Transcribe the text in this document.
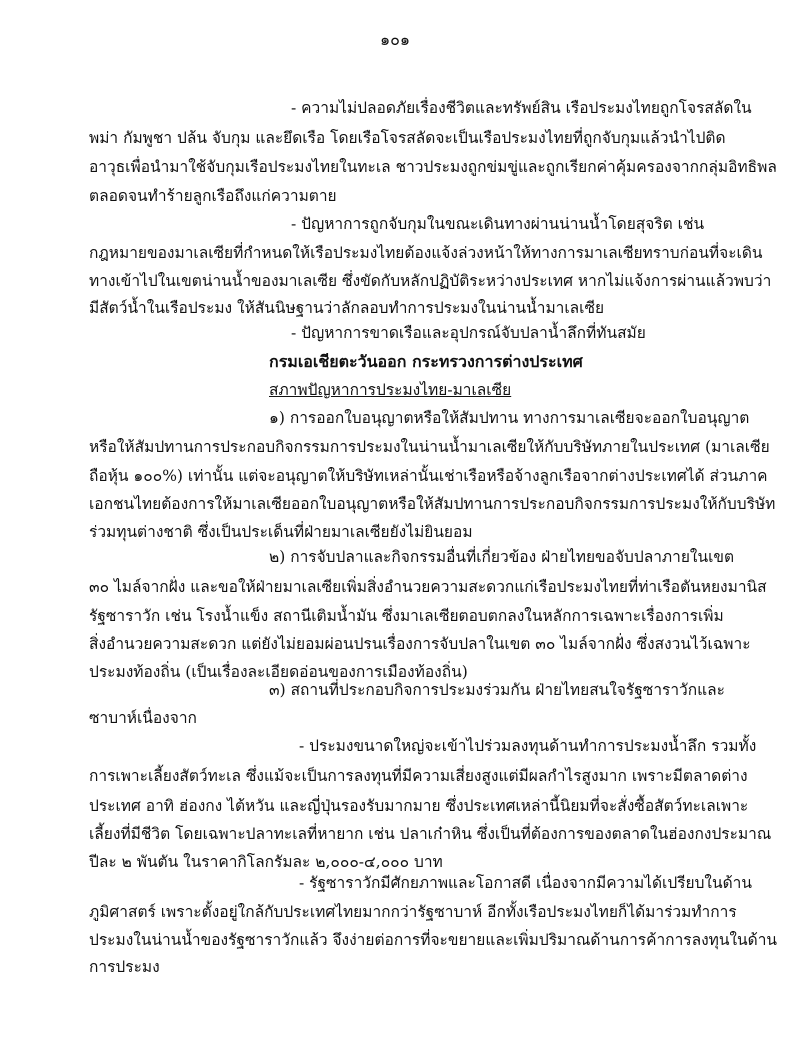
๑๐๑
- ความไม่ปลอดภัยเรื่องชีวิตและทรัพย์สิน เรือประมงไทยถูกโจรสลัดใน
พม่า กัมพูชา ปล้น จับกุม และยึดเรือ โดยเรือโจรสลัดจะเป็นเรือประมงไทยที่ถูกจับกุมแล้วนำไปติด
อาวุธเพื่อนำมาใช้จับกุมเรือประมงไทยในทะเล ชาวประมงถูกข่มขู่และถูกเรียกค่าคุ้มครองจากกลุ่มอิทธิพล
ตลอดจนทำร้ายลูกเรือถึงแก่ความตาย
- ปัญหาการถูกจับกุมในขณะเดินทางผ่านน่านน้ำโดยสุจริต เช่น
กฎหมายของมาเลเซียที่กำหนดให้เรือประมงไทยต้องแจ้งล่วงหน้าให้ทางการมาเลเซียทราบก่อนที่จะเดิน
ทางเข้าไปในเขตน่านน้ำของมาเลเซีย ซึ่งขัดกับหลักปฏิบัติระหว่างประเทศ หากไม่แจ้งการผ่านแล้วพบว่า
มีสัตว์น้ำในเรือประมง ให้สันนิษฐานว่าลักลอบทำการประมงในน่านน้ำมาเลเซีย
- ปัญหาการขาดเรือและอุปกรณ์จับปลาน้ำลึกที่ทันสมัย
กรมเอเชียตะวันออก กระทรวงการต่างประเทศ
สภาพปัญหาการประมงไทย-มาเลเซีย
๑) การออกใบอนุญาตหรือให้สัมปทาน ทางการมาเลเซียจะออกใบอนุญาต
หรือให้สัมปทานการประกอบกิจกรรมการประมงในน่านน้ำมาเลเซียให้กับบริษัทภายในประเทศ (มาเลเซีย
ถือหุ้น ๑๐๐%) เท่านั้น แต่จะอนุญาตให้บริษัทเหล่านั้นเช่าเรือหรือจ้างลูกเรือจากต่างประเทศได้ ส่วนภาค
เอกชนไทยต้องการให้มาเลเซียออกใบอนุญาตหรือให้สัมปทานการประกอบกิจกรรมการประมงให้กับบริษัท
ร่วมทุนต่างชาติ ซึ่งเป็นประเด็นที่ฝ่ายมาเลเซียยังไม่ยินยอม
๒) การจับปลาและกิจกรรมอื่นที่เกี่ยวข้อง ฝ่ายไทยขอจับปลาภายในเขต
๓๐ ไมล์จากฝั่ง และขอให้ฝ่ายมาเลเซียเพิ่มสิ่งอำนวยความสะดวกแก่เรือประมงไทยที่ท่าเรือตันหยงมานิส
รัฐซาราวัก เช่น โรงน้ำแข็ง สถานีเติมน้ำมัน ซึ่งมาเลเซียตอบตกลงในหลักการเฉพาะเรื่องการเพิ่ม
สิ่งอำนวยความสะดวก แต่ยังไม่ยอมผ่อนปรนเรื่องการจับปลาในเขต ๓๐ ไมล์จากฝั่ง ซึ่งสงวนไว้เฉพาะ
ประมงท้องถิ่น (เป็นเรื่องละเอียดอ่อนของการเมืองท้องถิ่น)
๓) สถานที่ประกอบกิจการประมงร่วมกัน ฝ่ายไทยสนใจรัฐซาราวักและ
ซาบาห์เนื่องจาก
- ประมงขนาดใหญ่จะเข้าไปร่วมลงทุนด้านทำการประมงน้ำลึก รวมทั้ง
การเพาะเลี้ยงสัตว์ทะเล ซึ่งแม้จะเป็นการลงทุนที่มีความเสี่ยงสูงแต่มีผลกำไรสูงมาก เพราะมีตลาดต่าง
ประเทศ อาทิ ฮ่องกง ไต้หวัน และญี่ปุ่นรองรับมากมาย ซึ่งประเทศเหล่านี้นิยมที่จะสั่งซื้อสัตว์ทะเลเพาะ
เลี้ยงที่มีชีวิต โดยเฉพาะปลาทะเลที่หายาก เช่น ปลาเก๋าหิน ซึ่งเป็นที่ต้องการของตลาดในฮ่องกงประมาณ
ปีละ ๒ พันตัน ในราคากิโลกรัมละ ๒,๐๐๐-๔,๐๐๐ บาท
- รัฐซาราวักมีศักยภาพและโอกาสดี เนื่องจากมีความได้เปรียบในด้าน
ภูมิศาสตร์ เพราะตั้งอยู่ใกล้กับประเทศไทยมากกว่ารัฐซาบาห์ อีกทั้งเรือประมงไทยก็ได้มาร่วมทำการ
ประมงในน่านน้ำของรัฐซาราวักแล้ว จึงง่ายต่อการที่จะขยายและเพิ่มปริมาณด้านการค้าการลงทุนในด้าน
การประมง
